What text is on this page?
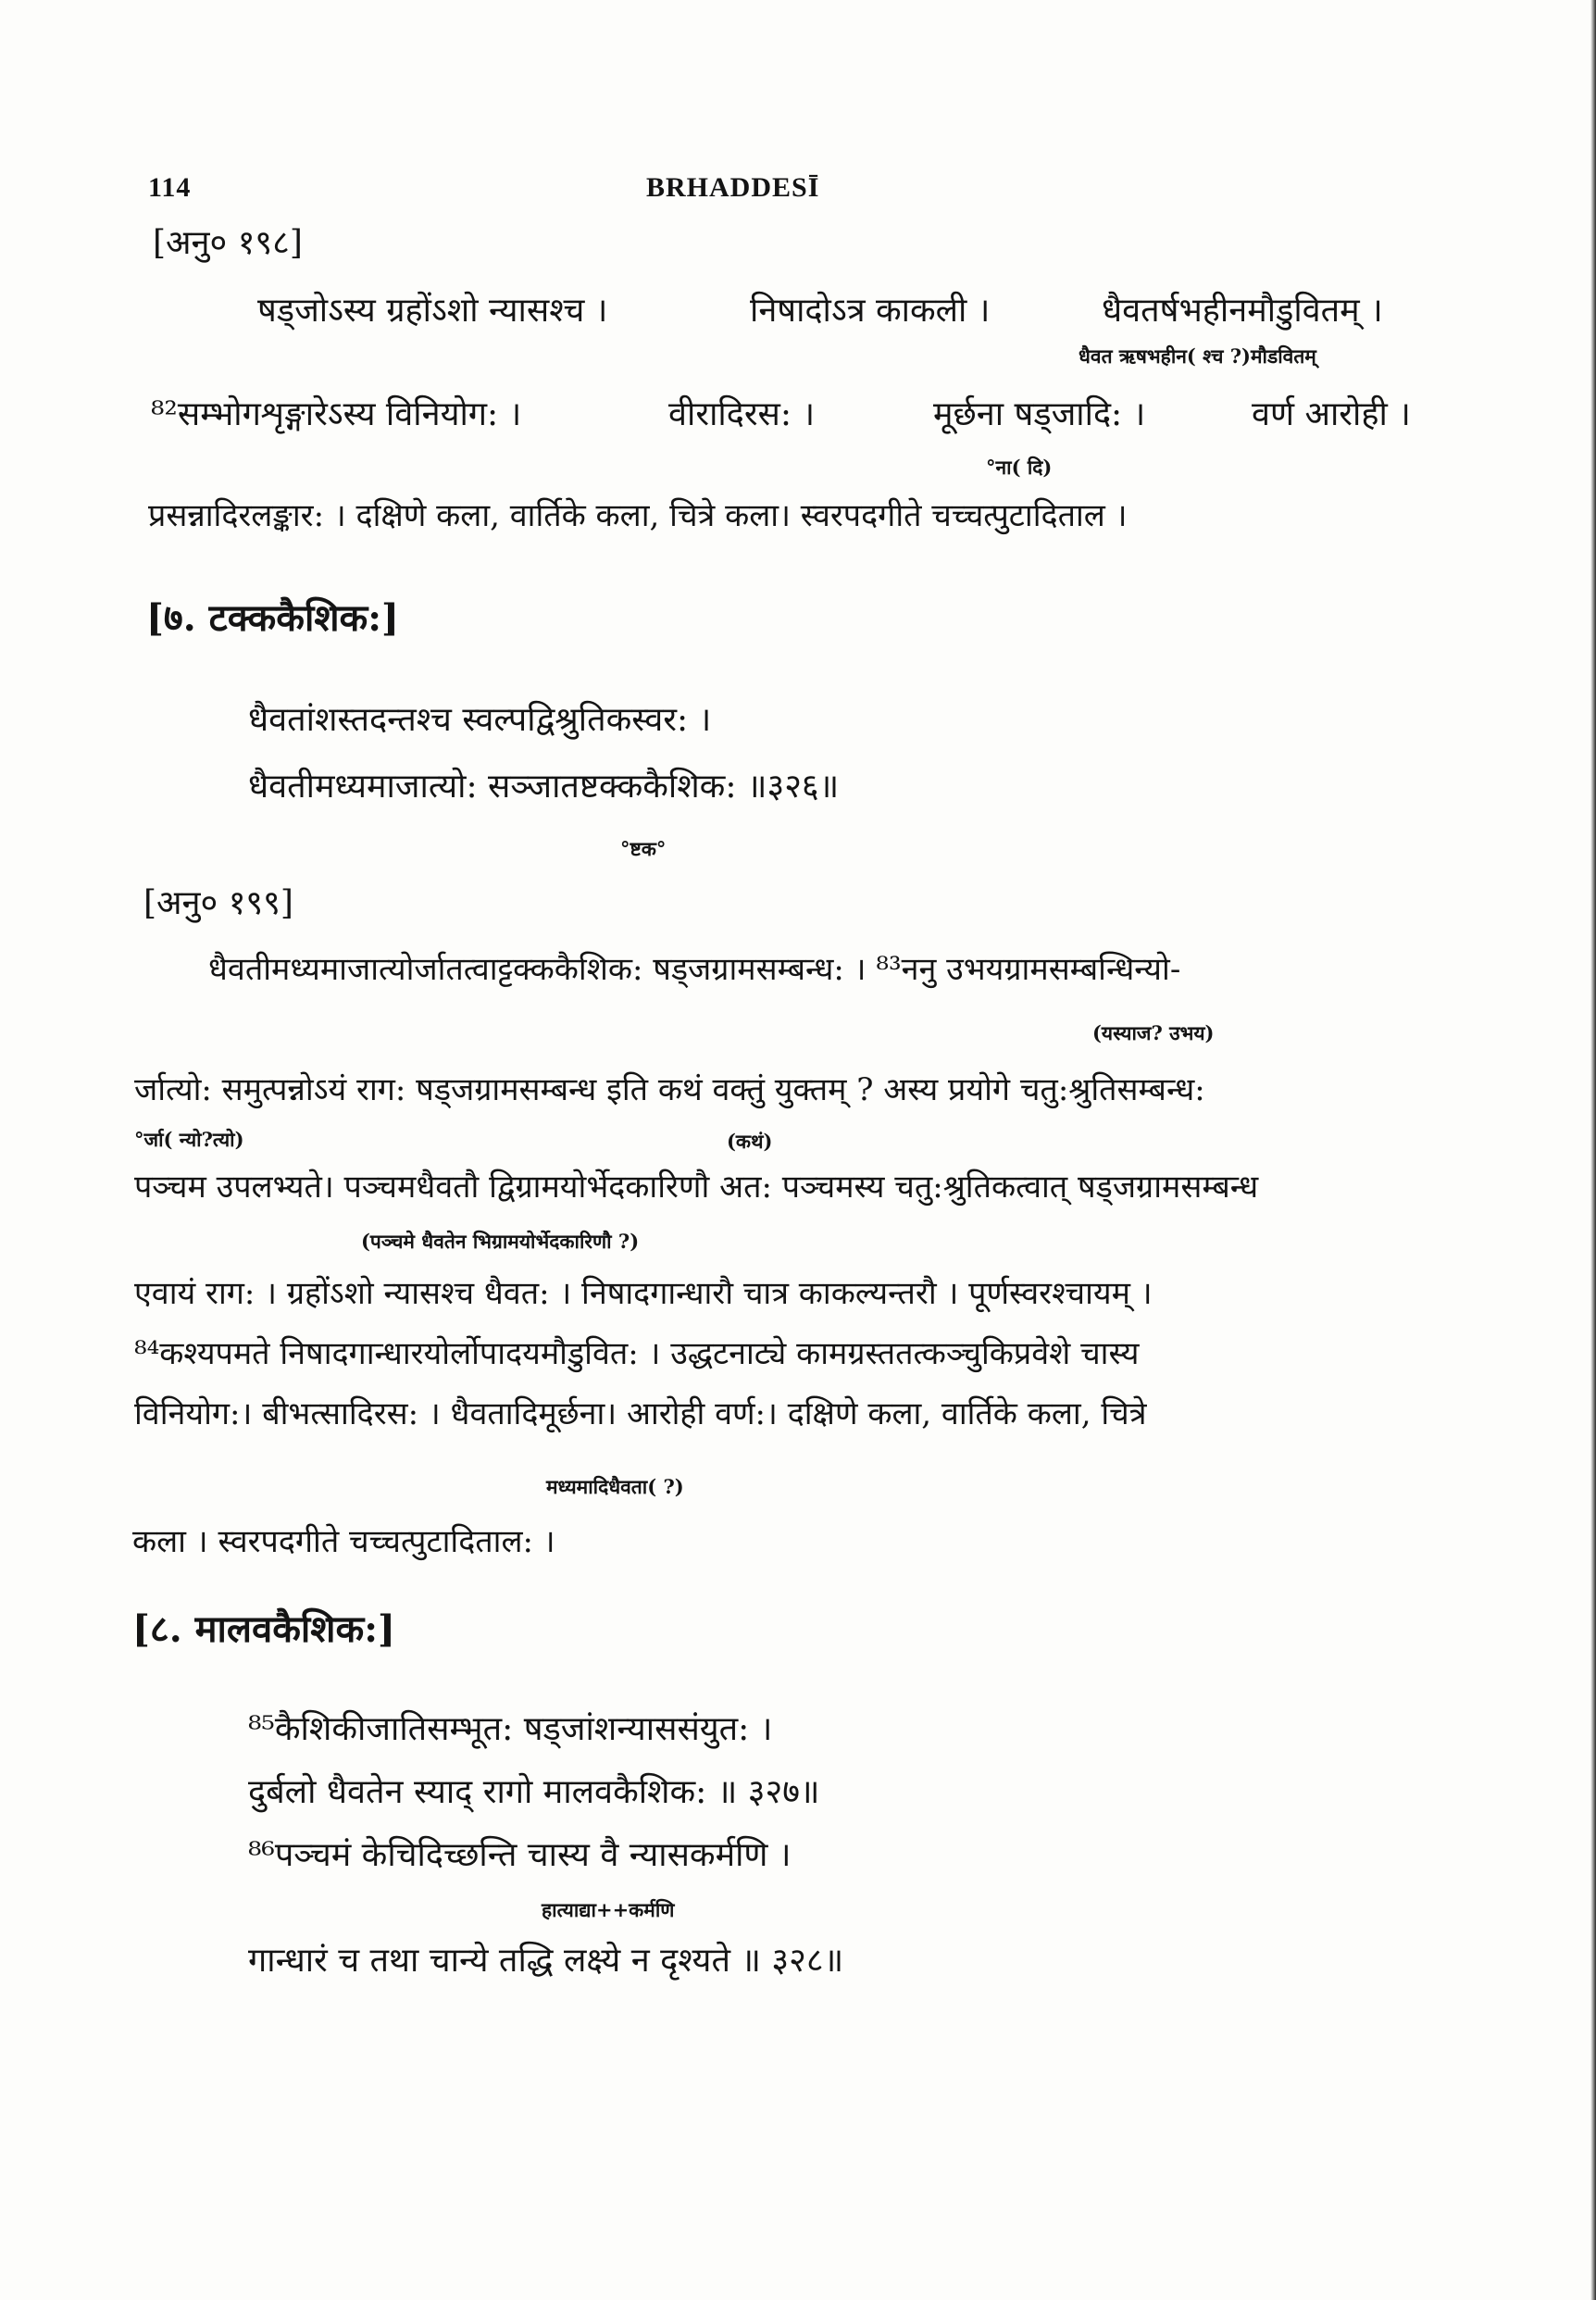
114	BRHADDESĪ
[अनु० १९८]
षड्जोऽस्य ग्रहोंऽशो न्यासश्च ।	निषादोऽत्र काकली ।	धैवतर्षभहीनमौडुवितम् ।
धैवत ऋषभहीन( श्च ?)मौडवितम्
⁸²सम्भोगशृङ्गारेऽस्य विनियोग: ।	वीरादिरस: ।	मूर्छना षड्जादि: ।	वर्ण आरोही ।
°ना( दि)
प्रसन्नादिरलङ्कार: । दक्षिणे कला, वार्तिके कला, चित्रे कला। स्वरपदगीते चच्चत्पुटादिताल ।
[७. टक्ककैशिक:]
धैवतांशस्तदन्तश्च स्वल्पद्विश्रुतिकस्वर: ।
धैवतीमध्यमाजात्यो: सञ्जातष्टक्ककैशिक: ॥३२६॥
°ष्टक°
[अनु० १९९]
धैवतीमध्यमाजात्योर्जातत्वाट्टक्ककैशिक: षड्जग्रामसम्बन्ध: । ⁸³ननु उभयग्रामसम्बन्धिन्यो-
(यस्याज? उभय)
र्जात्यो: समुत्पन्नोऽयं राग: षड्जग्रामसम्बन्ध इति कथं वक्तुं युक्तम् ? अस्य प्रयोगे चतु:श्रुतिसम्बन्ध:
°र्जा( न्यो?त्यो)	(कथं)
पञ्चम उपलभ्यते। पञ्चमधैवतौ द्विग्रामयोर्भेदकारिणौ अत: पञ्चमस्य चतु:श्रुतिकत्वात् षड्जग्रामसम्बन्ध
(पञ्चमे धैवतेन भिग्रामयोर्भेदकारिणौ ?)
एवायं राग: । ग्रहोंऽशो न्यासश्च धैवत: । निषादगान्धारौ चात्र काकल्यन्तरौ । पूर्णस्वरश्चायम् ।
⁸⁴कश्यपमते निषादगान्धारयोर्लोपादयमौडुवित: । उद्धटनाट्ये कामग्रस्ततत्कञ्चुकिप्रवेशे चास्य
विनियोग:। बीभत्सादिरस: । धैवतादिमूर्छना। आरोही वर्ण:। दक्षिणे कला, वार्तिके कला, चित्रे
मध्यमादिधैवता( ?)
कला । स्वरपदगीते चच्चत्पुटादिताल: ।
[८. मालवकैशिक:]
⁸⁵कैशिकीजातिसम्भूत: षड्जांशन्याससंयुत: ।
दुर्बलो धैवतेन स्याद् रागो मालवकैशिक: ॥ ३२७॥
⁸⁶पञ्चमं केचिदिच्छन्ति चास्य वै न्यासकर्मणि ।
हात्याद्या++कर्मणि
गान्धारं च तथा चान्ये तद्धि लक्ष्ये न दृश्यते ॥ ३२८॥
